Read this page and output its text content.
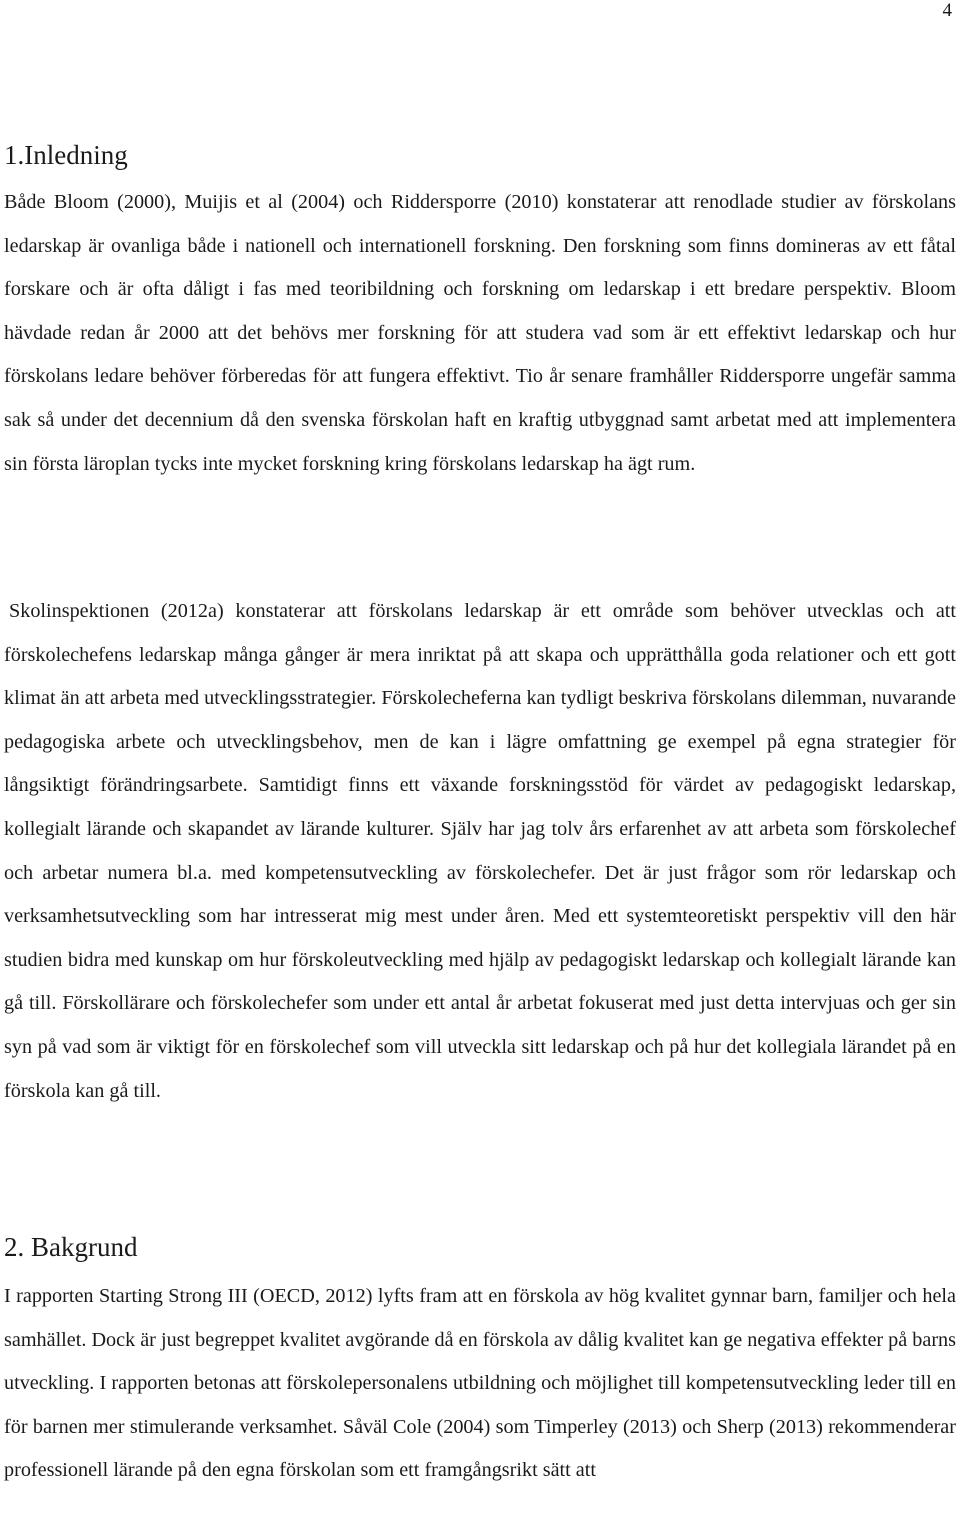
4
1.Inledning

Både Bloom (2000), Muijis et al (2004) och Riddersporre (2010) konstaterar att renodlade studier av förskolans ledarskap är ovanliga både i nationell och internationell forskning. Den forskning som finns domineras av ett fåtal forskare och är ofta dåligt i fas med teoribildning och forskning om ledarskap i ett bredare perspektiv. Bloom hävdade redan år 2000 att det behövs mer forskning för att studera vad som är ett effektivt ledarskap och hur förskolans ledare behöver förberedas för att fungera effektivt. Tio år senare framhåller Riddersporre ungefär samma sak så under det decennium då den svenska förskolan haft en kraftig utbyggnad samt arbetat med att implementera sin första läroplan tycks inte mycket forskning kring förskolans ledarskap ha ägt rum.

Skolinspektionen (2012a) konstaterar att förskolans ledarskap är ett område som behöver utvecklas och att förskolechefens ledarskap många gånger är mera inriktat på att skapa och upprätthålla goda relationer och ett gott klimat än att arbeta med utvecklingsstrategier. Förskolecheferna kan tydligt beskriva förskolans dilemman, nuvarande pedagogiska arbete och utvecklingsbehov, men de kan i lägre omfattning ge exempel på egna strategier för långsiktigt förändringsarbete. Samtidigt finns ett växande forskningsstöd för värdet av pedagogiskt ledarskap, kollegialt lärande och skapandet av lärande kulturer. Själv har jag tolv års erfarenhet av att arbeta som förskolechef och arbetar numera bl.a. med kompetensutveckling av förskolechefer. Det är just frågor som rör ledarskap och verksamhetsutveckling som har intresserat mig mest under åren. Med ett systemteoretiskt perspektiv vill den här studien bidra med kunskap om hur förskoleutveckling med hjälp av pedagogiskt ledarskap och kollegialt lärande kan gå till. Förskollärare och förskolechefer som under ett antal år arbetat fokuserat med just detta intervjuas och ger sin syn på vad som är viktigt för en förskolechef som vill utveckla sitt ledarskap och på hur det kollegiala lärandet på en förskola kan gå till.

2. Bakgrund

I rapporten Starting Strong III (OECD, 2012) lyfts fram att en förskola av hög kvalitet gynnar barn, familjer och hela samhället. Dock är just begreppet kvalitet avgörande då en förskola av dålig kvalitet kan ge negativa effekter på barns utveckling. I rapporten betonas att förskolepersonalens utbildning och möjlighet till kompetensutveckling leder till en för barnen mer stimulerande verksamhet. Såväl Cole (2004) som Timperley (2013) och Sherp (2013) rekommenderar professionell lärande på den egna förskolan som ett framgångsrikt sätt att
